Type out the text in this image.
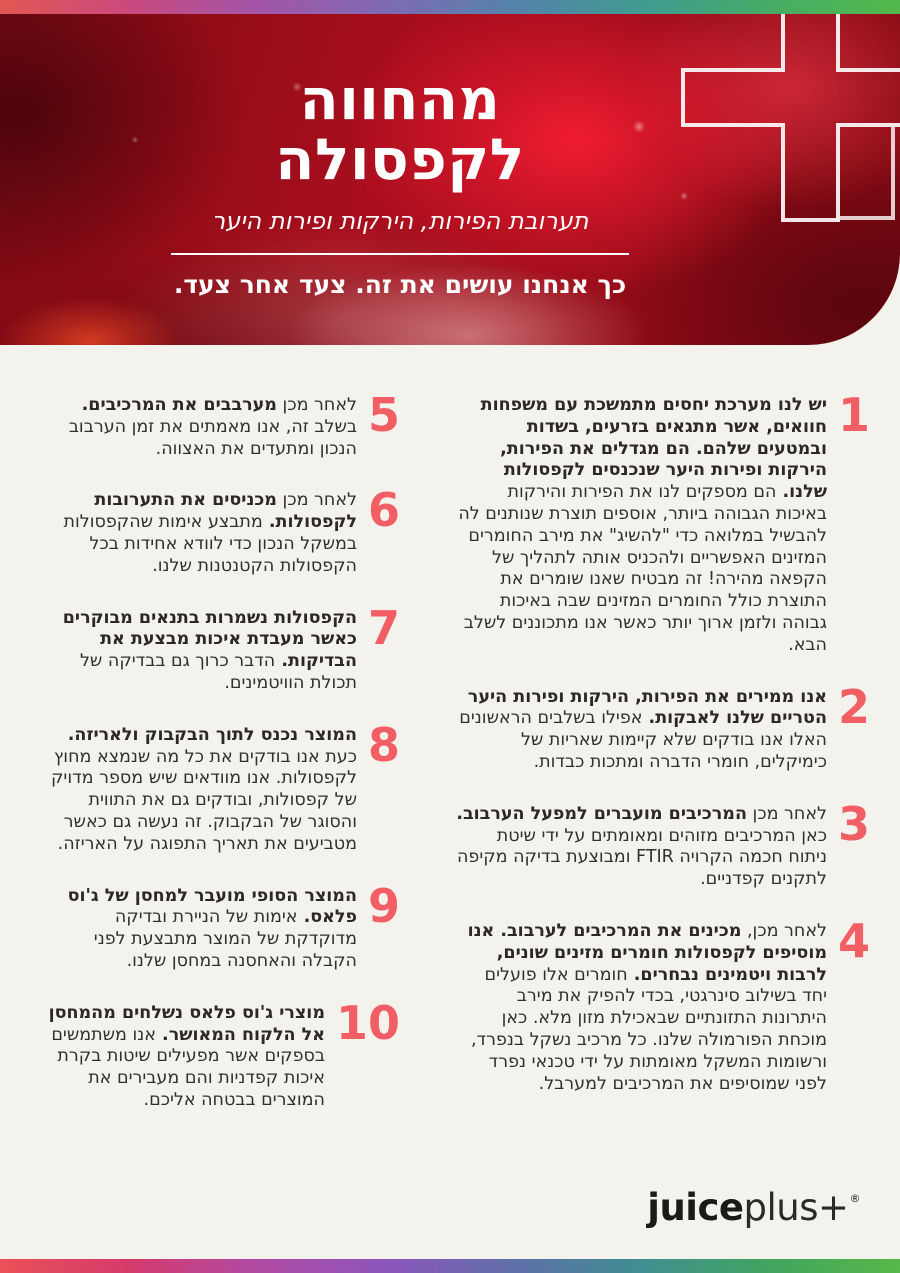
מהחווה
לקפסולה

תערובת הפירות, הירקות ופירות היער

כך אנחנו עושים את זה. צעד אחר צעד.

1

יש לנו מערכת יחסים מתמשכת עם משפחות חוואים, אשר מתגאים בזרעים, בשדות ובמטעים שלהם. הם מגדלים את הפירות, הירקות ופירות היער שנכנסים לקפסולות שלנו. הם מספקים לנו את הפירות והירקות באיכות הגבוהה ביותר, אוספים תוצרת שנותנים לה להבשיל במלואה כדי "להשיג" את מירב החומרים המזינים האפשריים ולהכניס אותה לתהליך של הקפאה מהירה! זה מבטיח שאנו שומרים את התוצרת כולל החומרים המזינים שבה באיכות גבוהה ולזמן ארוך יותר כאשר אנו מתכוננים לשלב הבא.

2

אנו ממירים את הפירות, הירקות ופירות היער הטריים שלנו לאבקות. אפילו בשלבים הראשונים האלו אנו בודקים שלא קיימות שאריות של כימיקלים, חומרי הדברה ומתכות כבדות.

3

לאחר מכן המרכיבים מועברים למפעל הערבוב. כאן המרכיבים מזוהים ומאומתים על ידי שיטת ניתוח חכמה הקרויה FTIR ומבוצעת בדיקה מקיפה לתקנים קפדניים.

4

לאחר מכן, מכינים את המרכיבים לערבוב. אנו מוסיפים לקפסולות חומרים מזינים שונים, לרבות ויטמינים נבחרים. חומרים אלו פועלים יחד בשילוב סינרגטי, בכדי להפיק את מירב היתרונות התזונתיים שבאכילת מזון מלא. כאן מוכחת הפורמולה שלנו. כל מרכיב נשקל בנפרד, ורשומות המשקל מאומתות על ידי טכנאי נפרד לפני שמוסיפים את המרכיבים למערבל.

5

לאחר מכן מערבבים את המרכיבים. בשלב זה, אנו מאמתים את זמן הערבוב הנכון ומתעדים את האצווה.

6

לאחר מכן מכניסים את התערובות לקפסולות. מתבצע אימות שהקפסולות במשקל הנכון כדי לוודא אחידות בכל הקפסולות הקטנטנות שלנו.

7

הקפסולות נשמרות בתנאים מבוקרים כאשר מעבדת איכות מבצעת את הבדיקות. הדבר כרוך גם בבדיקה של תכולת הוויטמינים.

8

המוצר נכנס לתוך הבקבוק ולאריזה. כעת אנו בודקים את כל מה שנמצא מחוץ לקפסולות. אנו מוודאים שיש מספר מדויק של קפסולות, ובודקים גם את התווית והסוגר של הבקבוק. זה נעשה גם כאשר מטביעים את תאריך התפוגה על האריזה.

9

המוצר הסופי מועבר למחסן של ג'וס פלאס. אימות של הניירת ובדיקה מדוקדקת של המוצר מתבצעת לפני הקבלה והאחסנה במחסן שלנו.

10

מוצרי ג'וס פלאס נשלחים מהמחסן אל הלקוח המאושר. אנו משתמשים בספקים אשר מפעילים שיטות בקרת איכות קפדניות והם מעבירים את המוצרים בבטחה אליכם.

juiceplus+®
